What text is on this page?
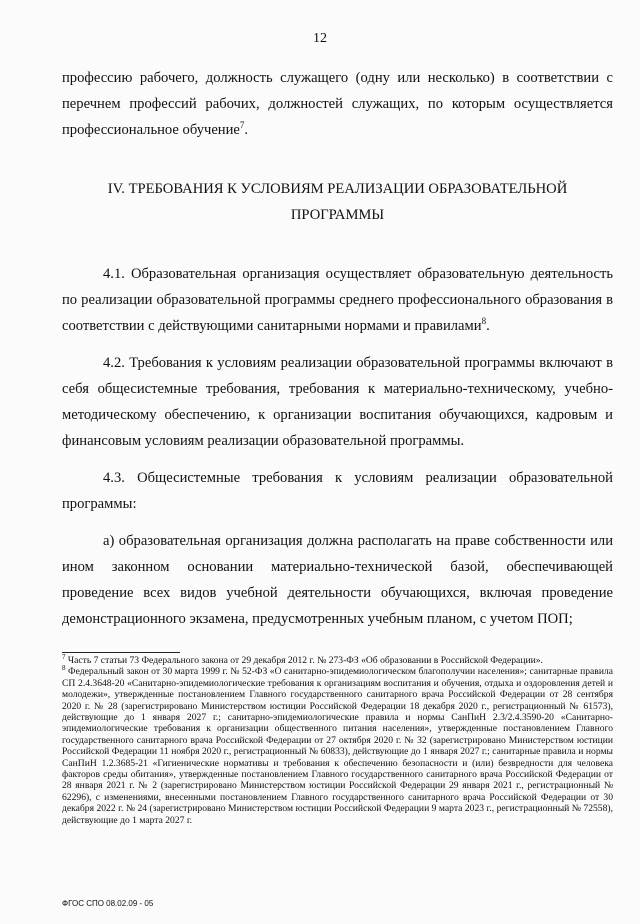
12

профессию рабочего, должность служащего (одну или несколько) в соответствии с перечнем профессий рабочих, должностей служащих, по которым осуществляется профессиональное обучение$^7$.

IV. ТРЕБОВАНИЯ К УСЛОВИЯМ РЕАЛИЗАЦИИ ОБРАЗОВАТЕЛЬНОЙ ПРОГРАММЫ

4.1. Образовательная организация осуществляет образовательную деятельность по реализации образовательной программы среднего профессионального образования в соответствии с действующими санитарными нормами и правилами$^8$.

4.2. Требования к условиям реализации образовательной программы включают в себя общесистемные требования, требования к материально-техническому, учебно-методическому обеспечению, к организации воспитания обучающихся, кадровым и финансовым условиям реализации образовательной программы.

4.3. Общесистемные требования к условиям реализации образовательной программы:

а) образовательная организация должна располагать на праве собственности или ином законном основании материально-технической базой, обеспечивающей проведение всех видов учебной деятельности обучающихся, включая проведение демонстрационного экзамена, предусмотренных учебным планом, с учетом ПОП;

$^7$ Часть 7 статьи 73 Федерального закона от 29 декабря 2012 г. № 273-ФЗ «Об образовании в Российской Федерации».

$^8$ Федеральный закон от 30 марта 1999 г. № 52-ФЗ «О санитарно-эпидемиологическом благополучии населения»; санитарные правила СП 2.4.3648-20 «Санитарно-эпидемиологические требования к организациям воспитания и обучения, отдыха и оздоровления детей и молодежи», утвержденные постановлением Главного государственного санитарного врача Российской Федерации от 28 сентября 2020 г. № 28 (зарегистрировано Министерством юстиции Российской Федерации 18 декабря 2020 г., регистрационный № 61573), действующие до 1 января 2027 г.; санитарно-эпидемиологические правила и нормы СанПиН 2.3/2.4.3590-20 «Санитарно-эпидемиологические требования к организации общественного питания населения», утвержденные постановлением Главного государственного санитарного врача Российской Федерации от 27 октября 2020 г. № 32 (зарегистрировано Министерством юстиции Российской Федерации 11 ноября 2020 г., регистрационный № 60833), действующие до 1 января 2027 г.; санитарные правила и нормы СанПиН 1.2.3685-21 «Гигиенические нормативы и требования к обеспечению безопасности и (или) безвредности для человека факторов среды обитания», утвержденные постановлением Главного государственного санитарного врача Российской Федерации от 28 января 2021 г. № 2 (зарегистрировано Министерством юстиции Российской Федерации 29 января 2021 г., регистрационный № 62296), с изменениями, внесенными постановлением Главного государственного санитарного врача Российской Федерации от 30 декабря 2022 г. № 24 (зарегистрировано Министерством юстиции Российской Федерации 9 марта 2023 г., регистрационный № 72558), действующие до 1 марта 2027 г.

ФГОС СПО 08.02.09 - 05
